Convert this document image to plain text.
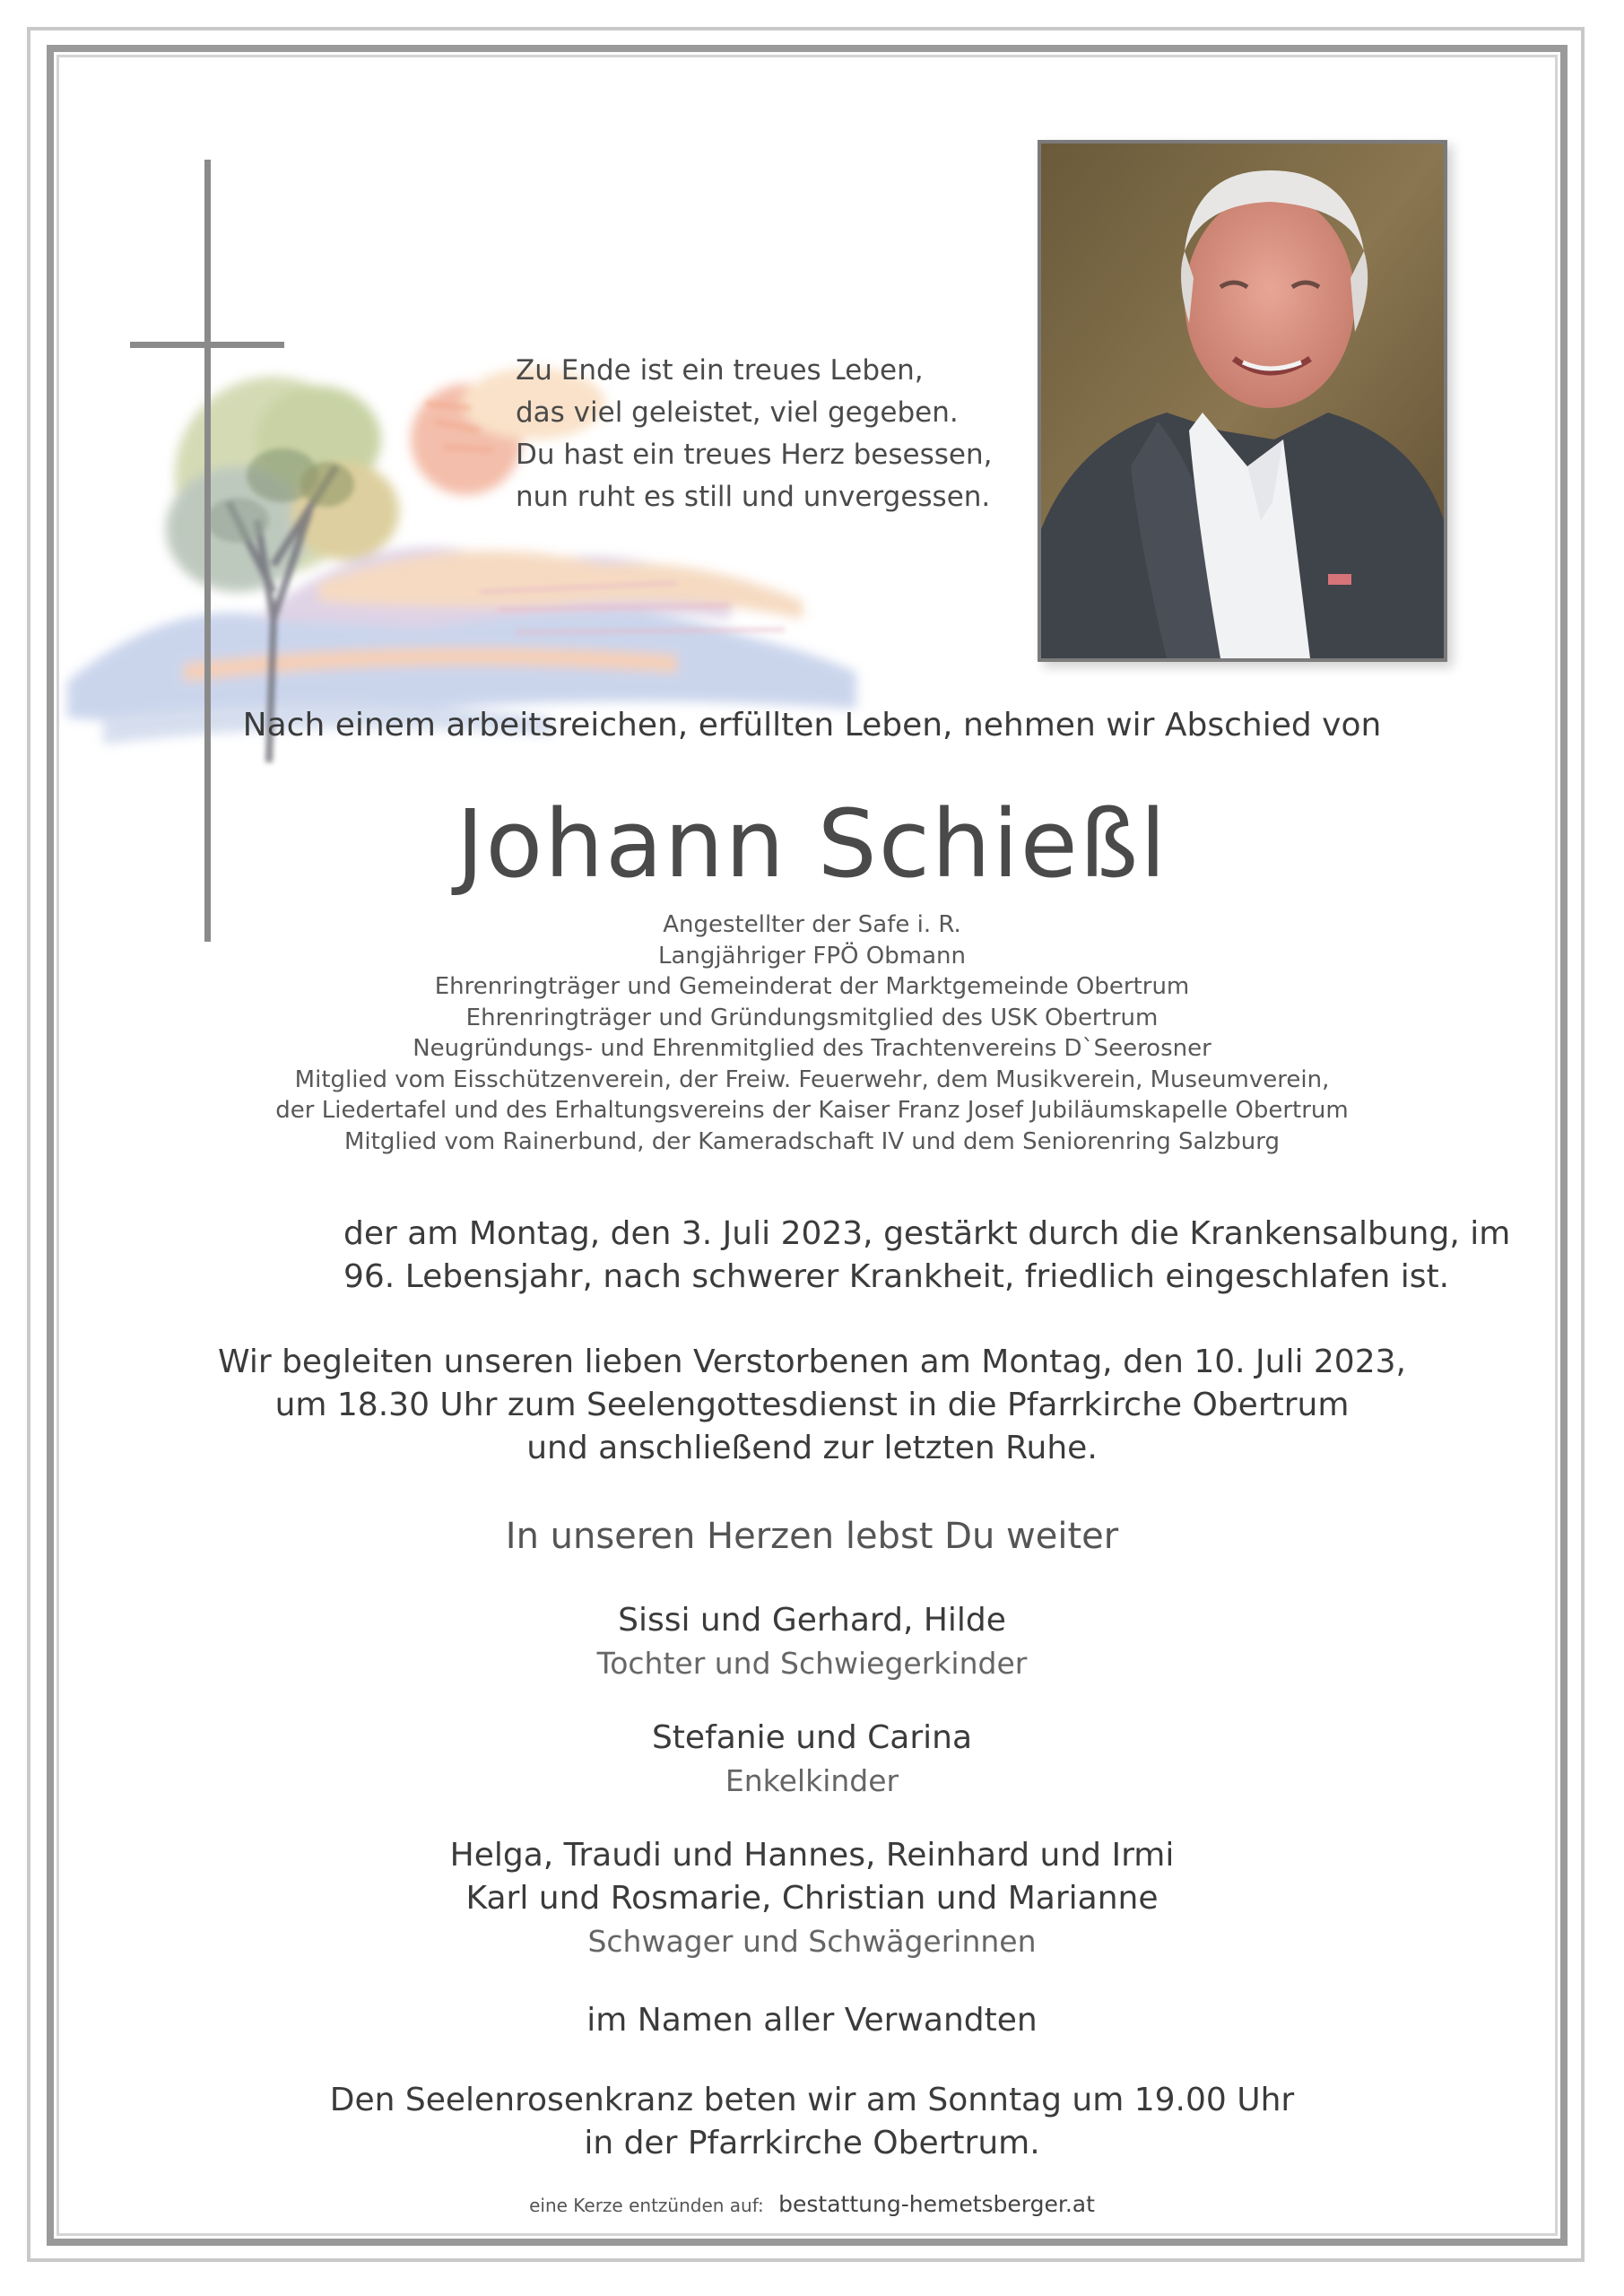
Zu Ende ist ein treues Leben,
das viel geleistet, viel gegeben.
Du hast ein treues Herz besessen,
nun ruht es still und unvergessen.
Nach einem arbeitsreichen, erfüllten Leben, nehmen wir Abschied von
Johann Schießl
Angestellter der Safe i. R.
Langjähriger FPÖ Obmann
Ehrenringträger und Gemeinderat der Marktgemeinde Obertrum
Ehrenringträger und Gründungsmitglied des USK Obertrum
Neugründungs- und Ehrenmitglied des Trachtenvereins D`Seerosner
Mitglied vom Eisschützenverein, der Freiw. Feuerwehr, dem Musikverein, Museumverein,
der Liedertafel und des Erhaltungsvereins der Kaiser Franz Josef Jubiläumskapelle Obertrum
Mitglied vom Rainerbund, der Kameradschaft IV und dem Seniorenring Salzburg
der am Montag, den 3. Juli 2023, gestärkt durch die Krankensalbung, im
96. Lebensjahr, nach schwerer Krankheit, friedlich eingeschlafen ist.
Wir begleiten unseren lieben Verstorbenen am Montag, den 10. Juli 2023,
um 18.30 Uhr zum Seelengottesdienst in die Pfarrkirche Obertrum
und anschließend zur letzten Ruhe.
In unseren Herzen lebst Du weiter
Sissi und Gerhard, Hilde
Tochter und Schwiegerkinder
Stefanie und Carina
Enkelkinder
Helga, Traudi und Hannes, Reinhard und Irmi
Karl und Rosmarie, Christian und Marianne
Schwager und Schwägerinnen
im Namen aller Verwandten
Den Seelenrosenkranz beten wir am Sonntag um 19.00 Uhr
in der Pfarrkirche Obertrum.
eine Kerze entzünden auf: bestattung-hemetsberger.at
